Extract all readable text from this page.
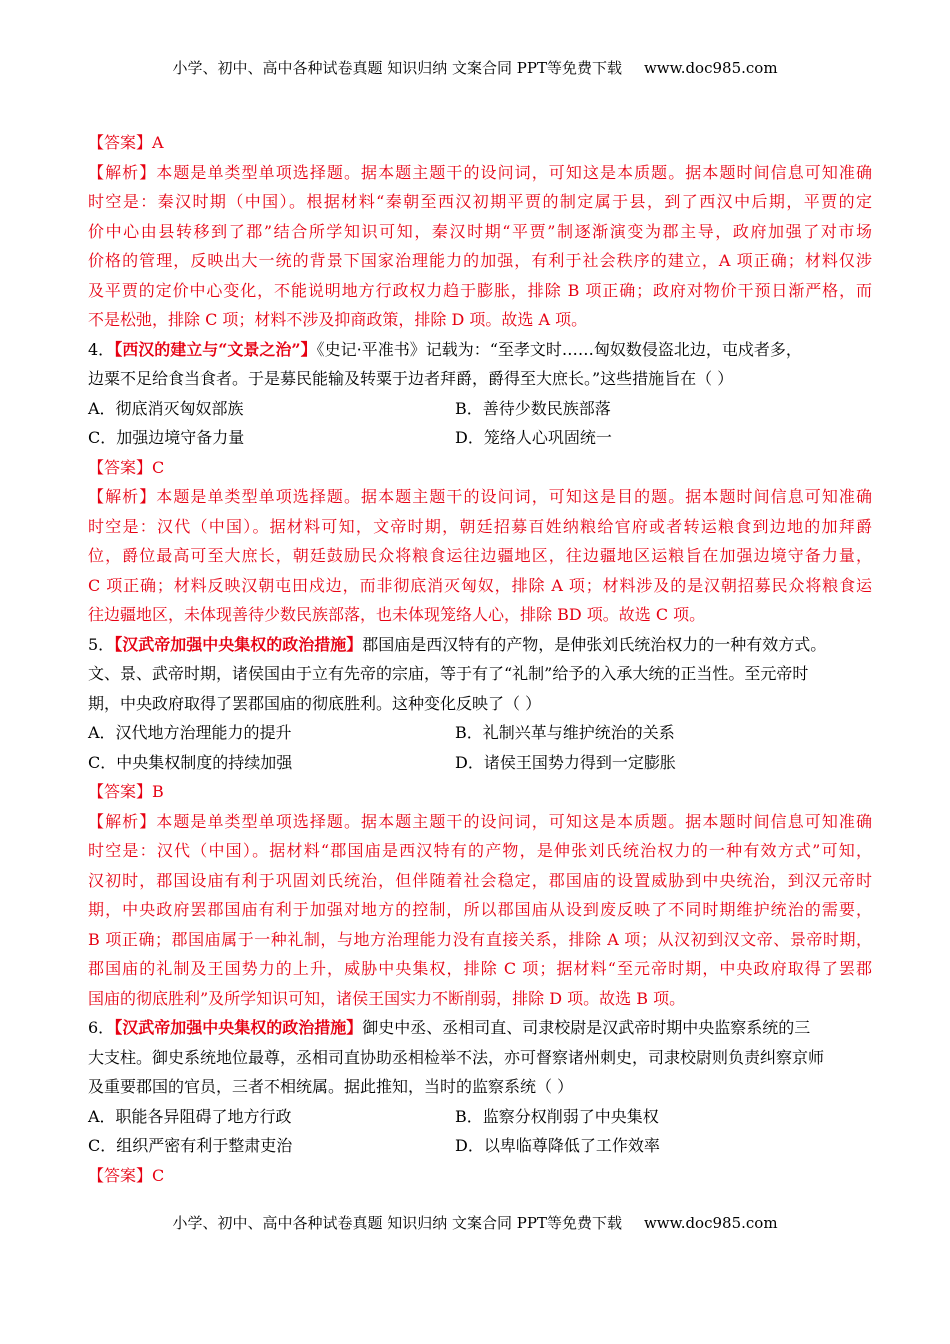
小学、初中、高中各种试卷真题 知识归纳 文案合同 PPT等免费下载 www.doc985.com
【答案】A
【解析】本题是单类型单项选择题。据本题主题干的设问词，可知这是本质题。据本题时间信息可知准确
时空是：秦汉时期（中国）。根据材料“秦朝至西汉初期平贾的制定属于县，到了西汉中后期，平贾的定
价中心由县转移到了郡”结合所学知识可知，秦汉时期“平贾”制逐渐演变为郡主导，政府加强了对市场
价格的管理，反映出大一统的背景下国家治理能力的加强，有利于社会秩序的建立，A 项正确；材料仅涉
及平贾的定价中心变化，不能说明地方行政权力趋于膨胀，排除 B 项正确；政府对物价干预日渐严格，而
不是松弛，排除 C 项；材料不涉及抑商政策，排除 D 项。故选 A 项。
4．【西汉的建立与“文景之治”】《史记·平准书》记载为：“至孝文时……匈奴数侵盗北边，屯戍者多，
边粟不足给食当食者。于是募民能输及转粟于边者拜爵，爵得至大庶长。”这些措施旨在（ ）
A．彻底消灭匈奴部族	B．善待少数民族部落
C．加强边境守备力量	D．笼络人心巩固统一
【答案】C
【解析】本题是单类型单项选择题。据本题主题干的设问词，可知这是目的题。据本题时间信息可知准确
时空是：汉代（中国）。据材料可知，文帝时期，朝廷招募百姓纳粮给官府或者转运粮食到边地的加拜爵
位，爵位最高可至大庶长，朝廷鼓励民众将粮食运往边疆地区，往边疆地区运粮旨在加强边境守备力量，
C 项正确；材料反映汉朝屯田戍边，而非彻底消灭匈奴，排除 A 项；材料涉及的是汉朝招募民众将粮食运
往边疆地区，未体现善待少数民族部落，也未体现笼络人心，排除 BD 项。故选 C 项。
5．【汉武帝加强中央集权的政治措施】郡国庙是西汉特有的产物，是伸张刘氏统治权力的一种有效方式。
文、景、武帝时期，诸侯国由于立有先帝的宗庙，等于有了“礼制”给予的入承大统的正当性。至元帝时
期，中央政府取得了罢郡国庙的彻底胜利。这种变化反映了（ ）
A．汉代地方治理能力的提升	B．礼制兴革与维护统治的关系
C．中央集权制度的持续加强	D．诸侯王国势力得到一定膨胀
【答案】B
【解析】本题是单类型单项选择题。据本题主题干的设问词，可知这是本质题。据本题时间信息可知准确
时空是：汉代（中国）。据材料“郡国庙是西汉特有的产物，是伸张刘氏统治权力的一种有效方式”可知，
汉初时，郡国设庙有利于巩固刘氏统治，但伴随着社会稳定，郡国庙的设置威胁到中央统治，到汉元帝时
期，中央政府罢郡国庙有利于加强对地方的控制，所以郡国庙从设到废反映了不同时期维护统治的需要，
B 项正确；郡国庙属于一种礼制，与地方治理能力没有直接关系，排除 A 项；从汉初到汉文帝、景帝时期，
郡国庙的礼制及王国势力的上升，威胁中央集权，排除 C 项；据材料“至元帝时期，中央政府取得了罢郡
国庙的彻底胜利”及所学知识可知，诸侯王国实力不断削弱，排除 D 项。故选 B 项。
6．【汉武帝加强中央集权的政治措施】御史中丞、丞相司直、司隶校尉是汉武帝时期中央监察系统的三
大支柱。御史系统地位最尊，丞相司直协助丞相检举不法，亦可督察诸州刺史，司隶校尉则负责纠察京师
及重要郡国的官员，三者不相统属。据此推知，当时的监察系统（ ）
A．职能各异阻碍了地方行政	B．监察分权削弱了中央集权
C．组织严密有利于整肃吏治	D．以卑临尊降低了工作效率
【答案】C
小学、初中、高中各种试卷真题 知识归纳 文案合同 PPT等免费下载 www.doc985.com
